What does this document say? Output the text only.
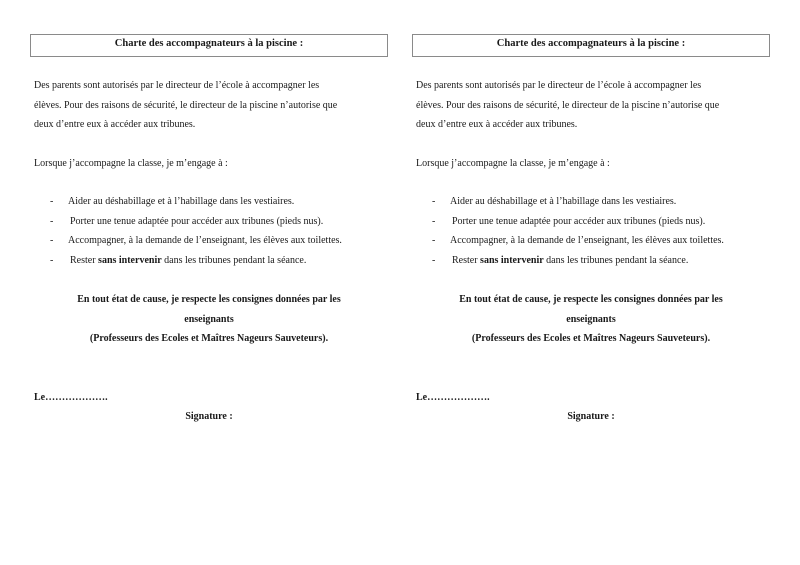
Charte des accompagnateurs à la piscine :
Des parents sont autorisés par le directeur de l’école à accompagner les
élèves. Pour des raisons de sécurité, le directeur de la piscine n’autorise que
deux d’entre eux à accéder aux tribunes.
Lorsque j’accompagne la classe, je m’engage à :
- Aider au déshabillage et à l’habillage dans les vestiaires.
- Porter une tenue adaptée pour accéder aux tribunes (pieds nus).
- Accompagner, à la demande de l’enseignant, les élèves aux toilettes.
- Rester sans intervenir dans les tribunes pendant la séance.
En tout état de cause, je respecte les consignes données par les
enseignants
(Professeurs des Ecoles et Maîtres Nageurs Sauveteurs).
Le……………….
Signature :
Charte des accompagnateurs à la piscine :
Des parents sont autorisés par le directeur de l’école à accompagner les
élèves. Pour des raisons de sécurité, le directeur de la piscine n’autorise que
deux d’entre eux à accéder aux tribunes.
Lorsque j’accompagne la classe, je m’engage à :
- Aider au déshabillage et à l’habillage dans les vestiaires.
- Porter une tenue adaptée pour accéder aux tribunes (pieds nus).
- Accompagner, à la demande de l’enseignant, les élèves aux toilettes.
- Rester sans intervenir dans les tribunes pendant la séance.
En tout état de cause, je respecte les consignes données par les
enseignants
(Professeurs des Ecoles et Maîtres Nageurs Sauveteurs).
Le……………….
Signature :
